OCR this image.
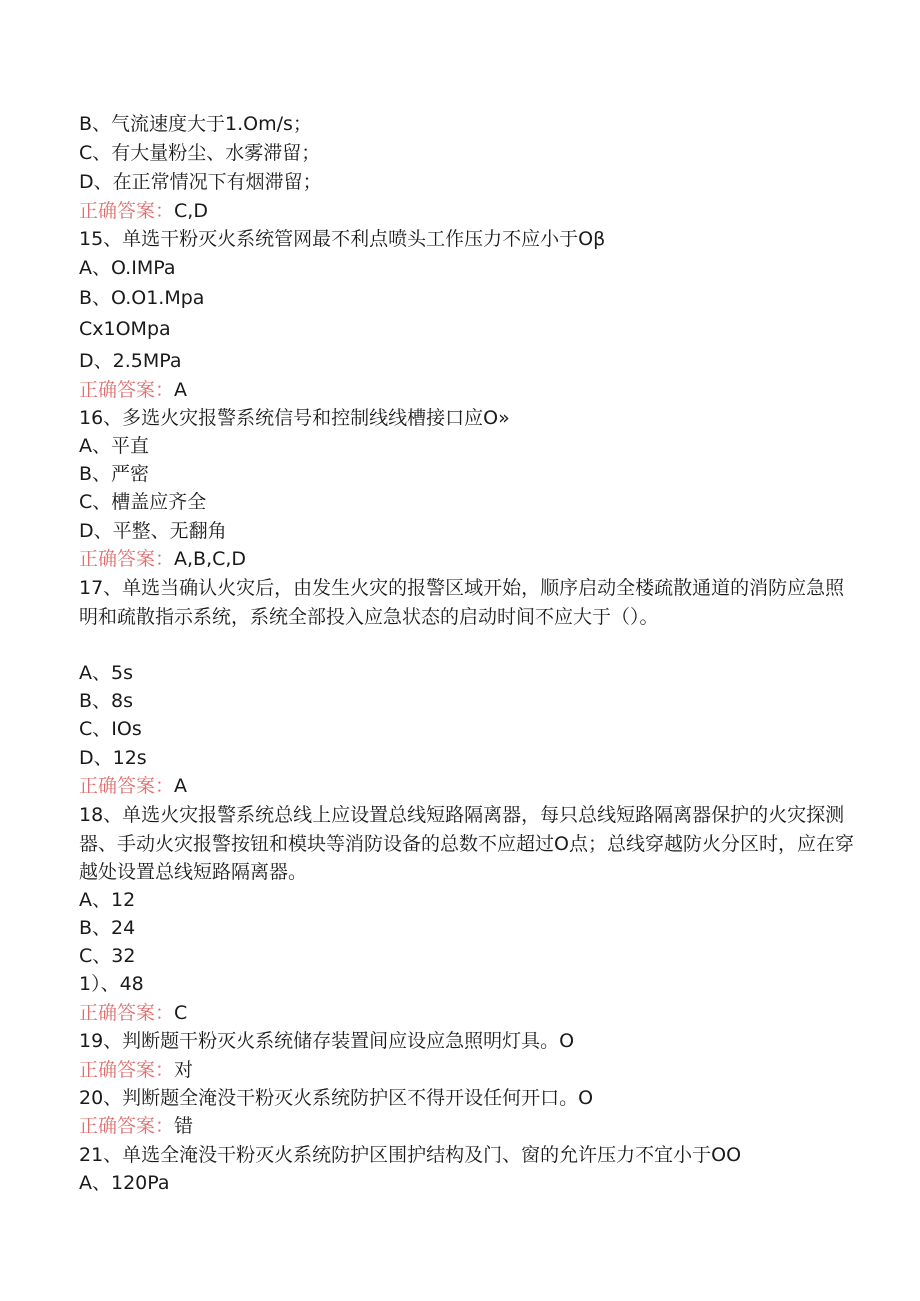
B、气流速度大于1.Om/s；
C、有大量粉尘、水雾滞留；
D、在正常情况下有烟滞留；
正确答案：C,D
15、单选干粉灭火系统管网最不利点喷头工作压力不应小于Oβ
A、O.IMPa
B、O.O1.Mpa
Cx1OMpa
D、2.5MPa
正确答案：A
16、多选火灾报警系统信号和控制线线槽接口应O»
A、平直
B、严密
C、槽盖应齐全
D、平整、无翻角
正确答案：A,B,C,D
17、单选当确认火灾后，由发生火灾的报警区域开始，顺序启动全楼疏散通道的消防应急照明和疏散指示系统，系统全部投入应急状态的启动时间不应大于（）。
A、5s
B、8s
C、IOs
D、12s
正确答案：A
18、单选火灾报警系统总线上应设置总线短路隔离器，每只总线短路隔离器保护的火灾探测器、手动火灾报警按钮和模块等消防设备的总数不应超过O点；总线穿越防火分区时，应在穿越处设置总线短路隔离器。
A、12
B、24
C、32
1）、48
正确答案：C
19、判断题干粉灭火系统储存装置间应设应急照明灯具。O
正确答案：对
20、判断题全淹没干粉灭火系统防护区不得开设任何开口。O
正确答案：错
21、单选全淹没干粉灭火系统防护区围护结构及门、窗的允许压力不宜小于OO
A、120Pa
